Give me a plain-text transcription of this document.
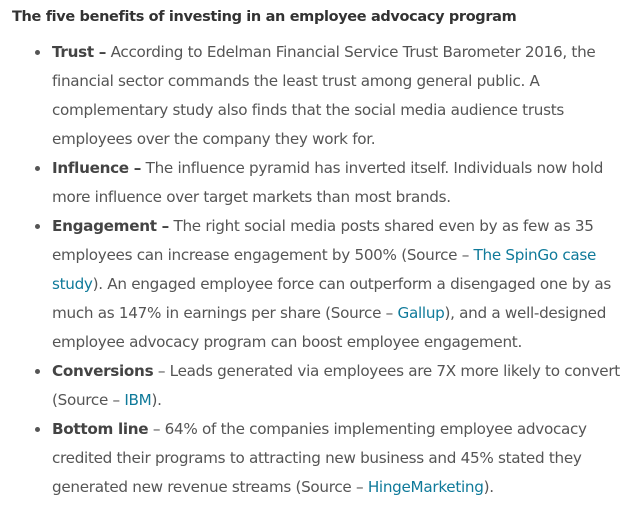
The five benefits of investing in an employee advocacy program
Trust – According to Edelman Financial Service Trust Barometer 2016, the financial sector commands the least trust among general public. A complementary study also finds that the social media audience trusts employees over the company they work for.
Influence – The influence pyramid has inverted itself. Individuals now hold more influence over target markets than most brands.
Engagement – The right social media posts shared even by as few as 35 employees can increase engagement by 500% (Source – The SpinGo case study). An engaged employee force can outperform a disengaged one by as much as 147% in earnings per share (Source – Gallup), and a well-designed employee advocacy program can boost employee engagement.
Conversions – Leads generated via employees are 7X more likely to convert (Source – IBM).
Bottom line – 64% of the companies implementing employee advocacy credited their programs to attracting new business and 45% stated they generated new revenue streams (Source – HingeMarketing).
